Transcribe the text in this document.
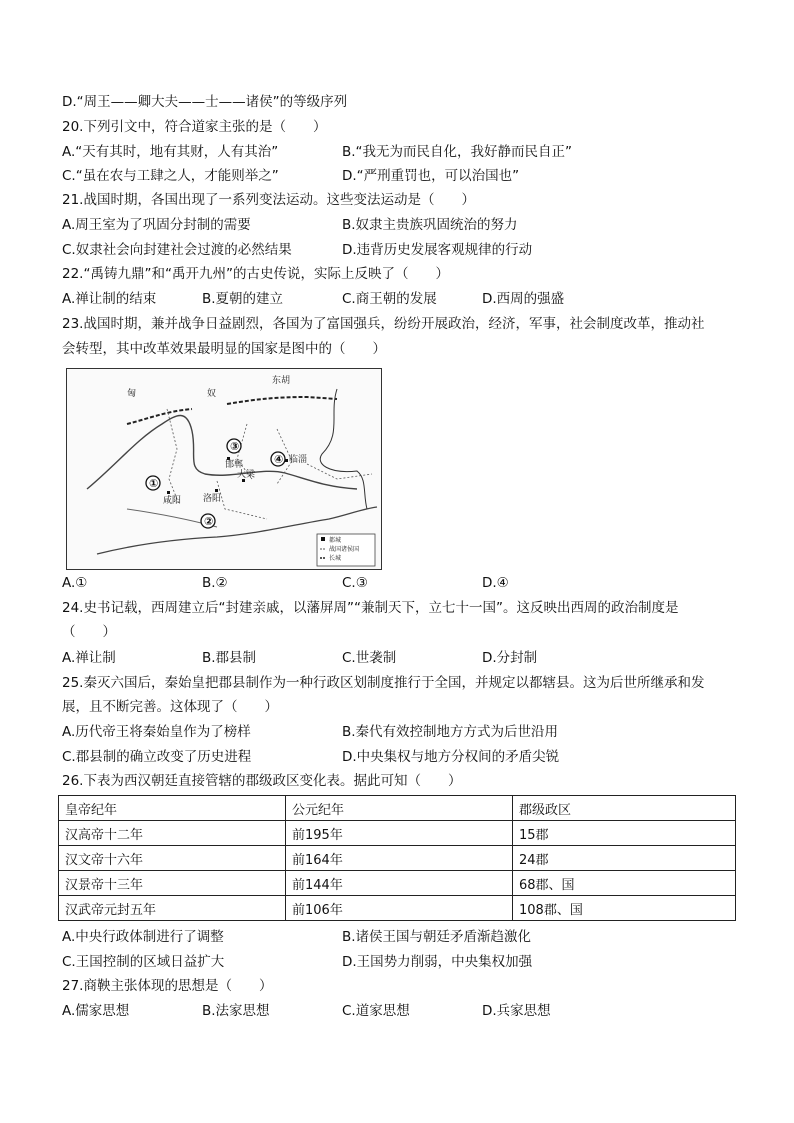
D.“周王——卿大夫——士——诸侯”的等级序列
20.下列引文中，符合道家主张的是（　　）
A.“天有其时，地有其财，人有其治”	B.“我无为而民自化，我好静而民自正”
C.“虽在农与工肆之人，才能则举之”	D.“严刑重罚也，可以治国也”
21.战国时期，各国出现了一系列变法运动。这些变法运动是（　　）
A.周王室为了巩固分封制的需要	B.奴隶主贵族巩固统治的努力
C.奴隶社会向封建社会过渡的必然结果	D.违背历史发展客观规律的行动
22.“禹铸九鼎”和“禹开九州”的古史传说，实际上反映了（　　）
A.禅让制的结束	B.夏朝的建立	C.商王朝的发展	D.西周的强盛
23.战国时期，兼并战争日益剧烈，各国为了富国强兵，纷纷开展政治，经济，军事，社会制度改革，推动社
会转型，其中改革效果最明显的国家是图中的（　　）
匈	奴
东胡
①
②
③
④
咸阳 洛阳
大梁
邯郸	临淄
都城
战国诸侯国
长城
A.①	B.②	C.③	D.④
24.史书记载，西周建立后“封建亲戚，以藩屏周”“兼制天下，立七十一国”。这反映出西周的政治制度是
（　　）
A.禅让制	B.郡县制	C.世袭制	D.分封制
25.秦灭六国后，秦始皇把郡县制作为一种行政区划制度推行于全国，并规定以都辖县。这为后世所继承和发
展，且不断完善。这体现了（　　）
A.历代帝王将秦始皇作为了榜样	B.秦代有效控制地方方式为后世沿用
C.郡县制的确立改变了历史进程	D.中央集权与地方分权间的矛盾尖锐
26.下表为西汉朝廷直接管辖的郡级政区变化表。据此可知（　　）
皇帝纪年	公元纪年	郡级政区
汉高帝十二年	前195年	15郡
汉文帝十六年	前164年	24郡
汉景帝十三年	前144年	68郡、国
汉武帝元封五年	前106年	108郡、国
A.中央行政体制进行了调整	B.诸侯王国与朝廷矛盾渐趋激化
C.王国控制的区域日益扩大	D.王国势力削弱，中央集权加强
27.商鞅主张体现的思想是（　　）
A.儒家思想	B.法家思想	C.道家思想	D.兵家思想
